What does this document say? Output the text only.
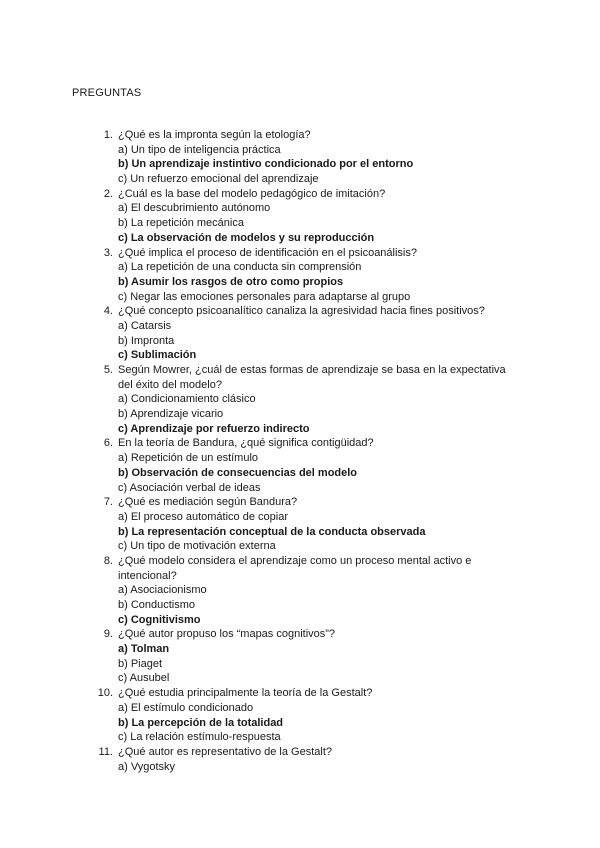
PREGUNTAS
1. ¿Qué es la impronta según la etología?
a) Un tipo de inteligencia práctica
b) Un aprendizaje instintivo condicionado por el entorno
c) Un refuerzo emocional del aprendizaje
2. ¿Cuál es la base del modelo pedagógico de imitación?
a) El descubrimiento autónomo
b) La repetición mecánica
c) La observación de modelos y su reproducción
3. ¿Qué implica el proceso de identificación en el psicoanálisis?
a) La repetición de una conducta sin comprensión
b) Asumir los rasgos de otro como propios
c) Negar las emociones personales para adaptarse al grupo
4. ¿Qué concepto psicoanalítico canaliza la agresividad hacia fines positivos?
a) Catarsis
b) Impronta
c) Sublimación
5. Según Mowrer, ¿cuál de estas formas de aprendizaje se basa en la expectativa
del éxito del modelo?
a) Condicionamiento clásico
b) Aprendizaje vicario
c) Aprendizaje por refuerzo indirecto
6. En la teoría de Bandura, ¿qué significa contigüidad?
a) Repetición de un estímulo
b) Observación de consecuencias del modelo
c) Asociación verbal de ideas
7. ¿Qué es mediación según Bandura?
a) El proceso automático de copiar
b) La representación conceptual de la conducta observada
c) Un tipo de motivación externa
8. ¿Qué modelo considera el aprendizaje como un proceso mental activo e
intencional?
a) Asociacionismo
b) Conductismo
c) Cognitivismo
9. ¿Qué autor propuso los “mapas cognitivos”?
a) Tolman
b) Piaget
c) Ausubel
10. ¿Qué estudia principalmente la teoría de la Gestalt?
a) El estímulo condicionado
b) La percepción de la totalidad
c) La relación estímulo-respuesta
11. ¿Qué autor es representativo de la Gestalt?
a) Vygotsky
